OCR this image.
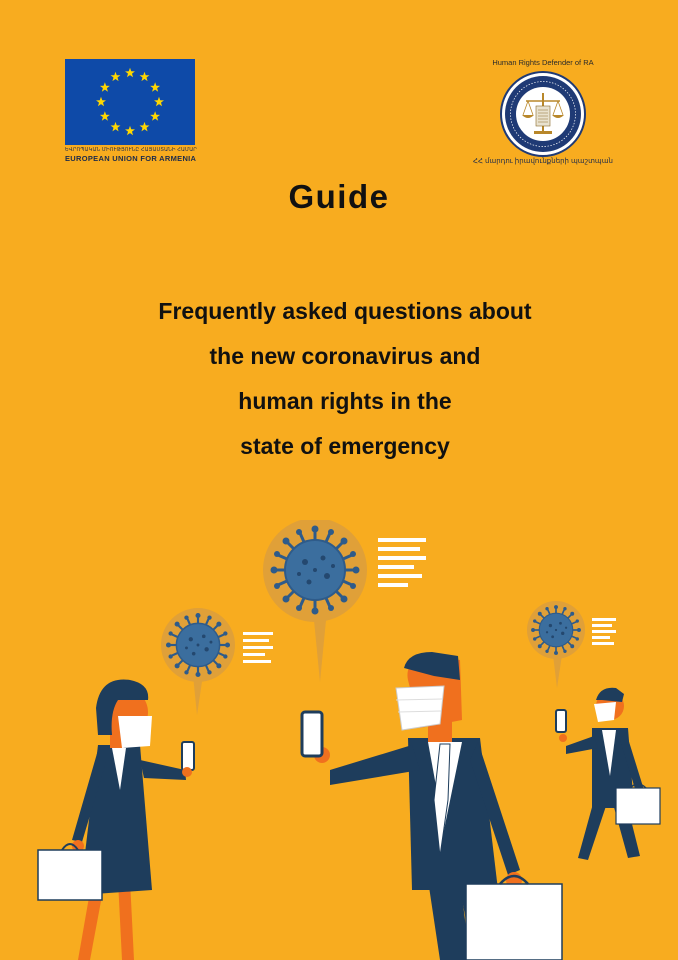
ԵՎՐՈՊԱԿԱՆ ՄԻՈՒԹՅՈՒՆԸ ՀԱՅԱՍՏԱՆԻ ՀԱՄԱՐ
EUROPEAN UNION FOR ARMENIA
Human Rights Defender of RA
ՀՀ մարդու իրավունքների պաշտպան
Guide
Frequently asked questions about
the new coronavirus and
human rights in the
state of emergency
